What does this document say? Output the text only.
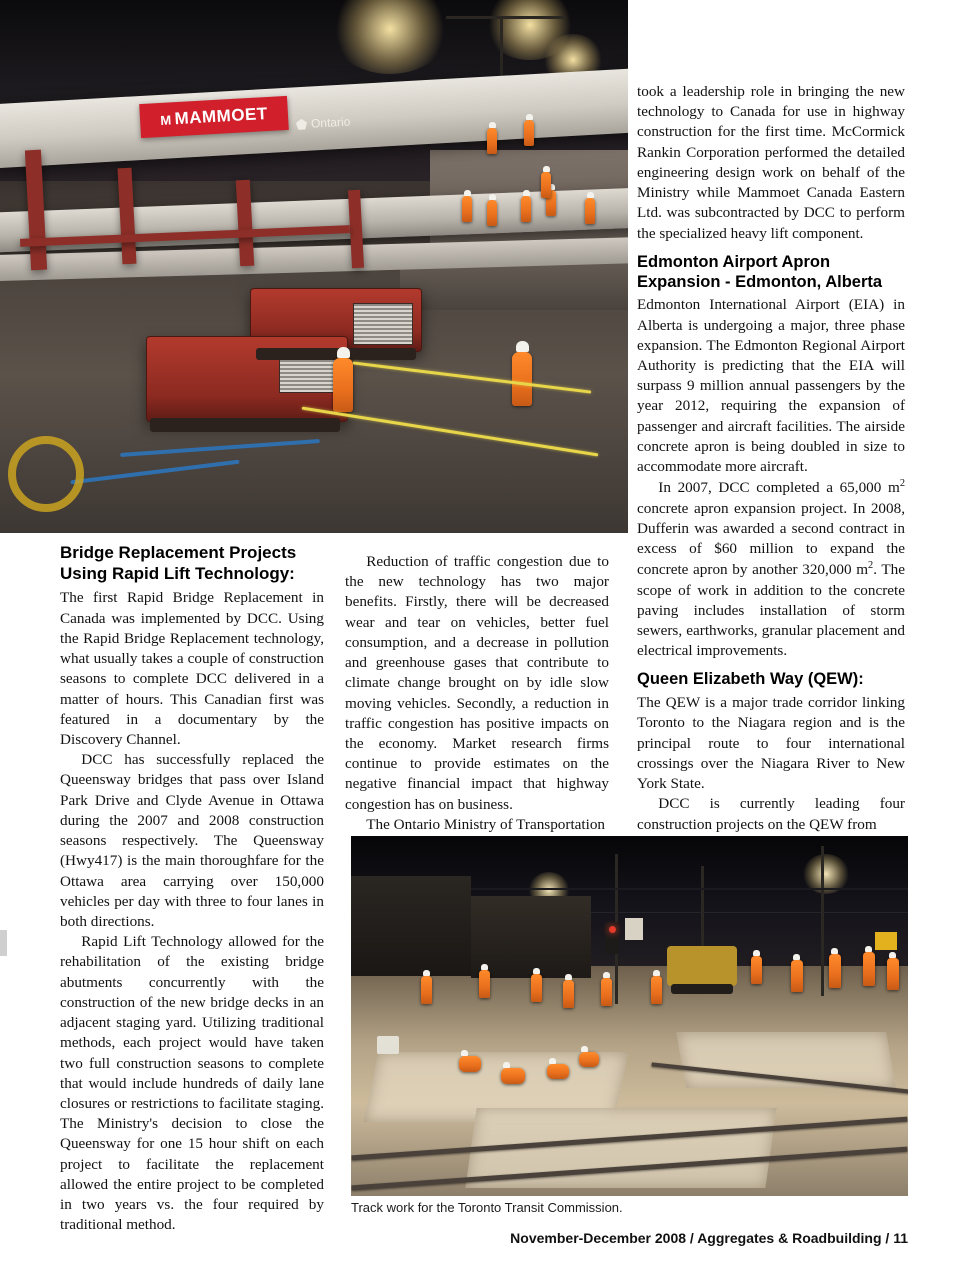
M MAMMOET	Ontario
Bridge Replacement Projects Using Rapid Lift Technology:

The first Rapid Bridge Replacement in Canada was implemented by DCC. Using the Rapid Bridge Replacement technology, what usually takes a couple of construction seasons to complete DCC delivered in a matter of hours. This Canadian first was featured in a documentary by the Discovery Channel.

DCC has successfully replaced the Queensway bridges that pass over Island Park Drive and Clyde Avenue in Ottawa during the 2007 and 2008 construction seasons respectively. The Queensway (Hwy417) is the main thoroughfare for the Ottawa area carrying over 150,000 vehicles per day with three to four lanes in both directions.

Rapid Lift Technology allowed for the rehabilitation of the existing bridge abutments concurrently with the construction of the new bridge decks in an adjacent staging yard. Utilizing traditional methods, each project would have taken two full construction seasons to complete that would include hundreds of daily lane closures or restrictions to facilitate staging. The Ministry's decision to close the Queensway for one 15 hour shift on each project to facilitate the replacement allowed the entire project to be completed in two years vs. the four required by traditional method.

Reduction of traffic congestion due to the new technology has two major benefits. Firstly, there will be decreased wear and tear on vehicles, better fuel consumption, and a decrease in pollution and greenhouse gases that contribute to climate change brought on by idle slow moving vehicles. Secondly, a reduction in traffic congestion has positive impacts on the economy. Market research firms continue to provide estimates on the negative financial impact that highway congestion has on business.

The Ontario Ministry of Transportation

took a leadership role in bringing the new technology to Canada for use in highway construction for the first time. McCormick Rankin Corporation performed the detailed engineering design work on behalf of the Ministry while Mammoet Canada Eastern Ltd. was subcontracted by DCC to perform the specialized heavy lift component.

Edmonton Airport Apron Expansion - Edmonton, Alberta

Edmonton International Airport (EIA) in Alberta is undergoing a major, three phase expansion. The Edmonton Regional Airport Authority is predicting that the EIA will surpass 9 million annual passengers by the year 2012, requiring the expansion of passenger and aircraft facilities. The airside concrete apron is being doubled in size to accommodate more aircraft.

In 2007, DCC completed a 65,000 $m^2$ concrete apron expansion project. In 2008, Dufferin was awarded a second contract in excess of $60 million to expand the concrete apron by another 320,000 $m^2$. The scope of work in addition to the concrete paving includes installation of storm sewers, earthworks, granular placement and electrical improvements.

Queen Elizabeth Way (QEW):

The QEW is a major trade corridor linking Toronto to the Niagara region and is the principal route to four international crossings over the Niagara River to New York State.

DCC is currently leading four construction projects on the QEW from

Track work for the Toronto Transit Commission.
November-December 2008 / Aggregates & Roadbuilding / 11
